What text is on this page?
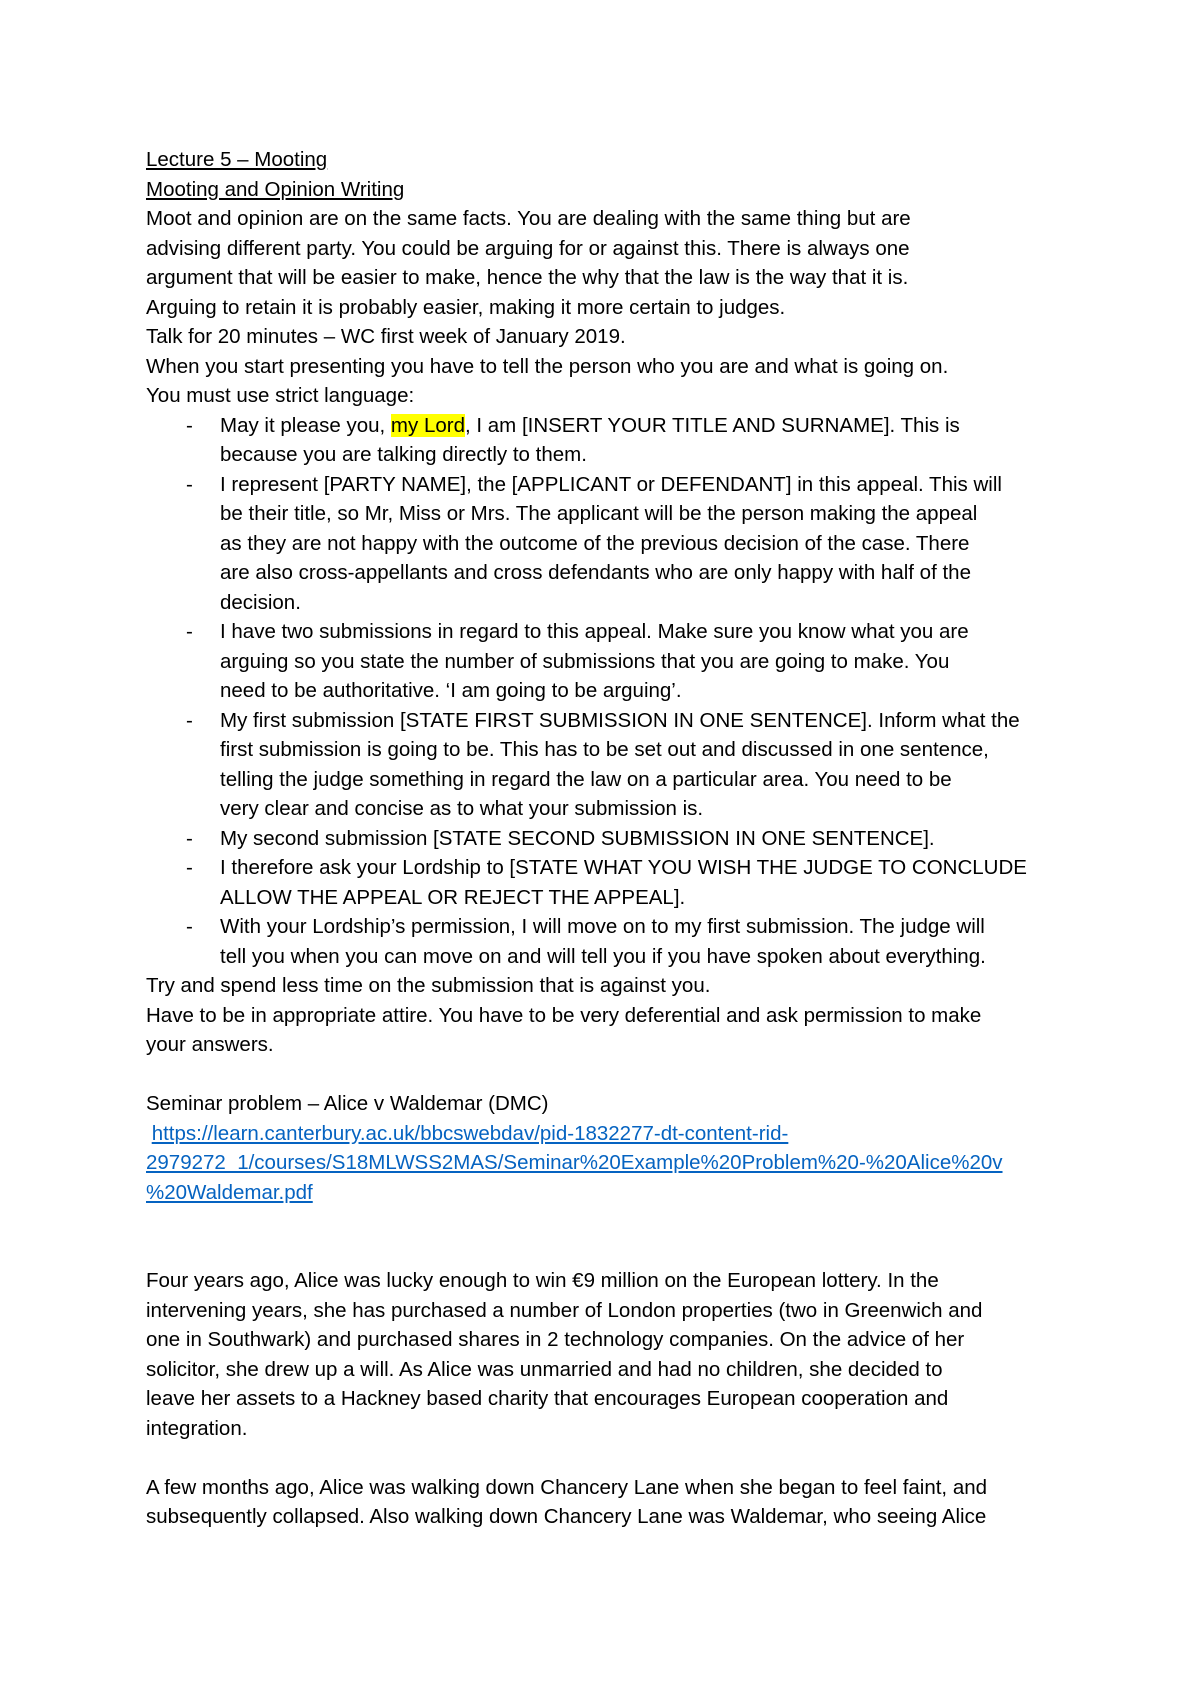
Lecture 5 – Mooting

Mooting and Opinion Writing

Moot and opinion are on the same facts. You are dealing with the same thing but are

advising different party. You could be arguing for or against this. There is always one

argument that will be easier to make, hence the why that the law is the way that it is.

Arguing to retain it is probably easier, making it more certain to judges.

Talk for 20 minutes – WC first week of January 2019.

When you start presenting you have to tell the person who you are and what is going on.

You must use strict language:

- May it please you, my Lord, I am [INSERT YOUR TITLE AND SURNAME]. This is

because you are talking directly to them.

- I represent [PARTY NAME], the [APPLICANT or DEFENDANT] in this appeal. This will

be their title, so Mr, Miss or Mrs. The applicant will be the person making the appeal

as they are not happy with the outcome of the previous decision of the case. There

are also cross-appellants and cross defendants who are only happy with half of the

decision.

- I have two submissions in regard to this appeal. Make sure you know what you are

arguing so you state the number of submissions that you are going to make. You

need to be authoritative. ‘I am going to be arguing’.

- My first submission [STATE FIRST SUBMISSION IN ONE SENTENCE]. Inform what the

first submission is going to be. This has to be set out and discussed in one sentence,

telling the judge something in regard the law on a particular area. You need to be

very clear and concise as to what your submission is.

- My second submission [STATE SECOND SUBMISSION IN ONE SENTENCE].

- I therefore ask your Lordship to [STATE WHAT YOU WISH THE JUDGE TO CONCLUDE

ALLOW THE APPEAL OR REJECT THE APPEAL].

- With your Lordship’s permission, I will move on to my first submission. The judge will

tell you when you can move on and will tell you if you have spoken about everything.

Try and spend less time on the submission that is against you.

Have to be in appropriate attire. You have to be very deferential and ask permission to make

your answers.

Seminar problem – Alice v Waldemar (DMC)

https://learn.canterbury.ac.uk/bbcswebdav/pid-1832277-dt-content-rid-

2979272_1/courses/S18MLWSS2MAS/Seminar%20Example%20Problem%20-%20Alice%20v

%20Waldemar.pdf

Four years ago, Alice was lucky enough to win €9 million on the European lottery. In the

intervening years, she has purchased a number of London properties (two in Greenwich and

one in Southwark) and purchased shares in 2 technology companies. On the advice of her

solicitor, she drew up a will. As Alice was unmarried and had no children, she decided to

leave her assets to a Hackney based charity that encourages European cooperation and

integration.

A few months ago, Alice was walking down Chancery Lane when she began to feel faint, and

subsequently collapsed. Also walking down Chancery Lane was Waldemar, who seeing Alice
